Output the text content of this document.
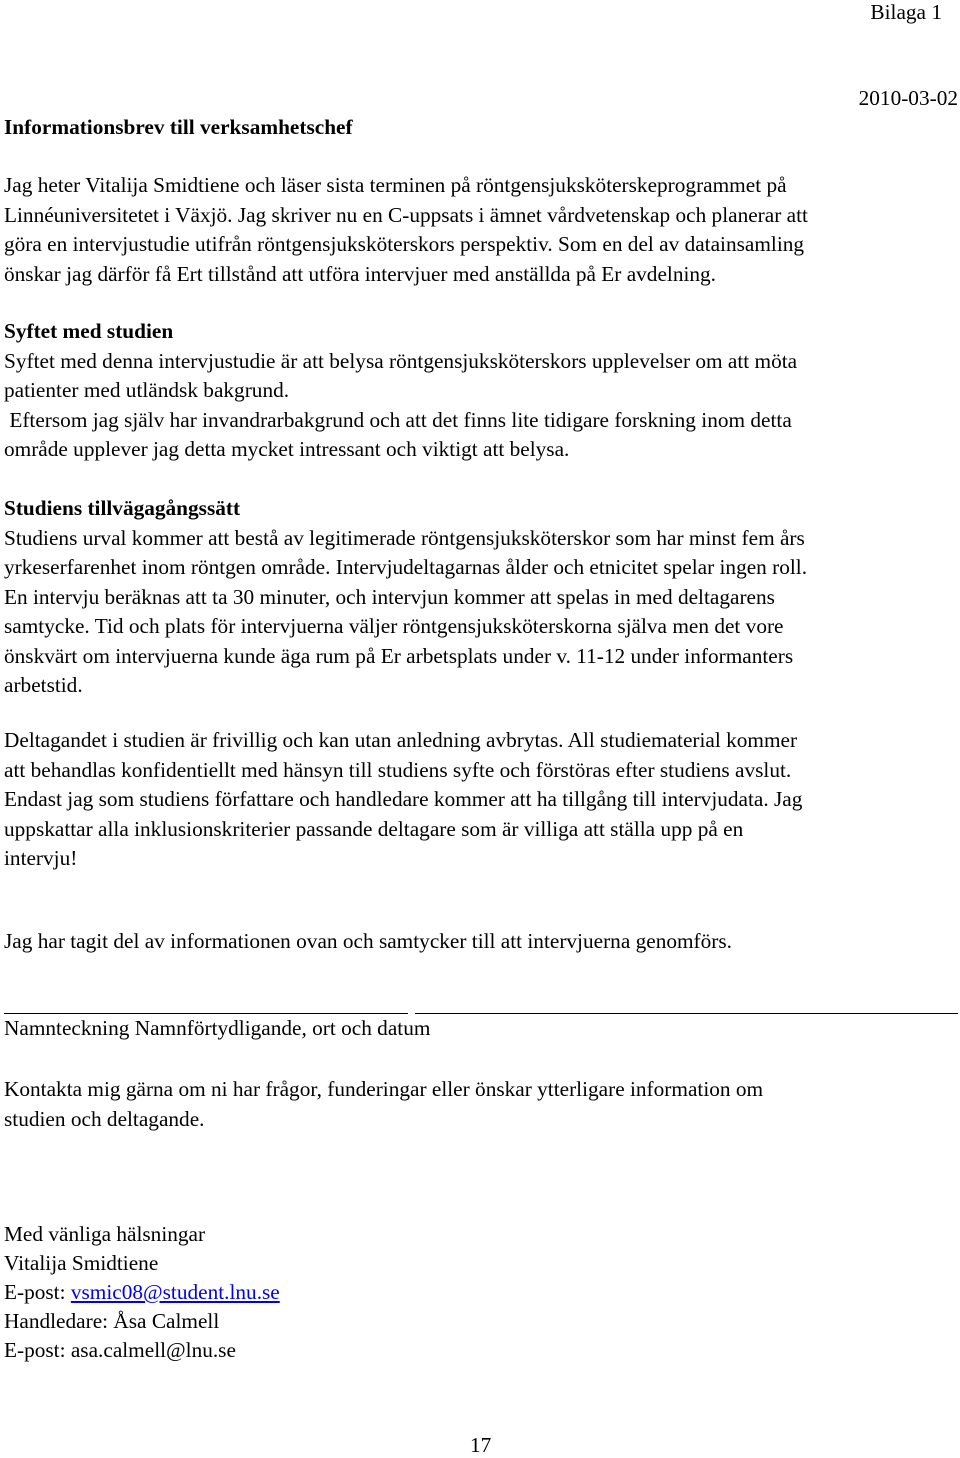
Bilaga 1
2010-03-02
Informationsbrev till verksamhetschef
Jag heter Vitalija Smidtiene och läser sista terminen på röntgensjuksköterskeprogrammet på
Linnéuniversitetet i Växjö. Jag skriver nu en C-uppsats i ämnet vårdvetenskap och planerar att
göra en intervjustudie utifrån röntgensjuksköterskors perspektiv. Som en del av datainsamling
önskar jag därför få Ert tillstånd att utföra intervjuer med anställda på Er avdelning.
Syftet med studien
Syftet med denna intervjustudie är att belysa röntgensjuksköterskors upplevelser om att möta
patienter med utländsk bakgrund.
Eftersom jag själv har invandrarbakgrund och att det finns lite tidigare forskning inom detta
område upplever jag detta mycket intressant och viktigt att belysa.
Studiens tillvägagångssätt
Studiens urval kommer att bestå av legitimerade röntgensjuksköterskor som har minst fem års
yrkeserfarenhet inom röntgen område. Intervjudeltagarnas ålder och etnicitet spelar ingen roll.
En intervju beräknas att ta 30 minuter, och intervjun kommer att spelas in med deltagarens
samtycke. Tid och plats för intervjuerna väljer röntgensjuksköterskorna själva men det vore
önskvärt om intervjuerna kunde äga rum på Er arbetsplats under v. 11-12 under informanters
arbetstid.
Deltagandet i studien är frivillig och kan utan anledning avbrytas. All studiematerial kommer
att behandlas konfidentiellt med hänsyn till studiens syfte och förstöras efter studiens avslut.
Endast jag som studiens författare och handledare kommer att ha tillgång till intervjudata. Jag
uppskattar alla inklusionskriterier passande deltagare som är villiga att ställa upp på en
intervju!
Jag har tagit del av informationen ovan och samtycker till att intervjuerna genomförs.
Namnteckning Namnförtydligande, ort och datum
Kontakta mig gärna om ni har frågor, funderingar eller önskar ytterligare information om
studien och deltagande.
Med vänliga hälsningar
Vitalija Smidtiene
E-post: vsmic08@student.lnu.se
Handledare: Åsa Calmell
E-post: asa.calmell@lnu.se
17
